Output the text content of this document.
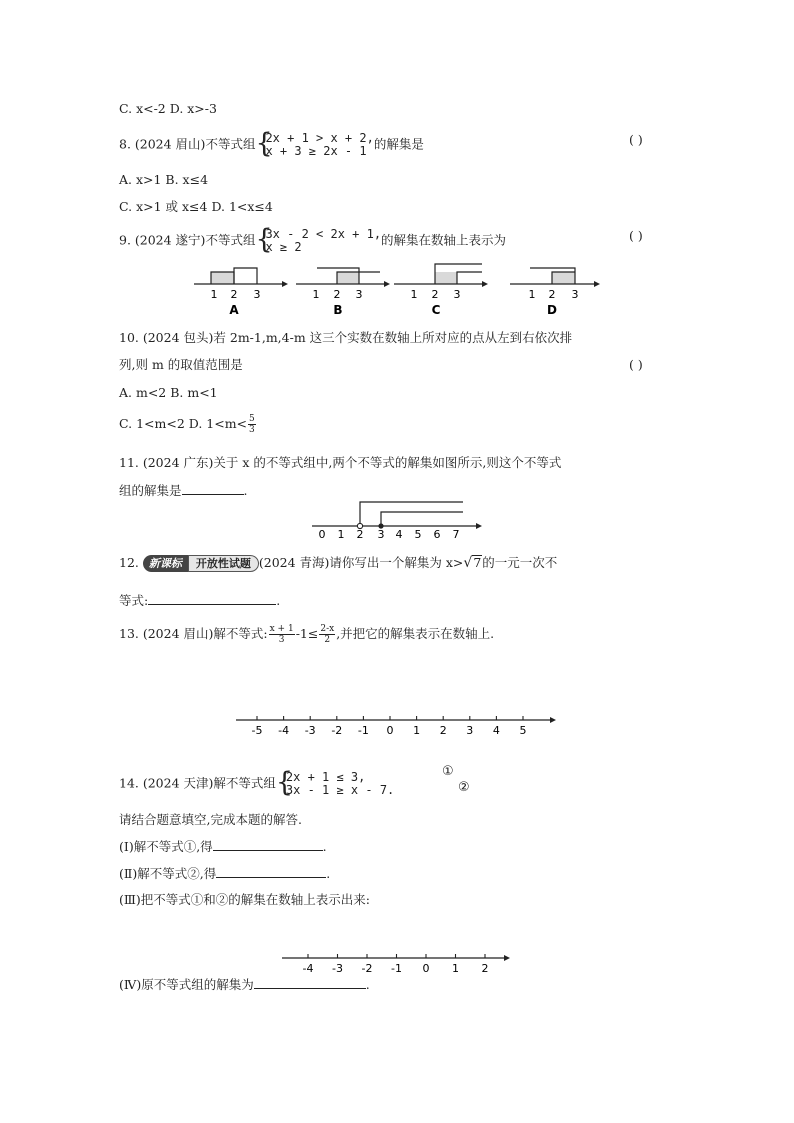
C. x<-2 D. x>-3
8. (2024 眉山)不等式组 {
2x + 1 > x + 2,
x + 3 ≥ 2x - 1 的解集是	( )
A. x>1 B. x≤4
C. x>1 或 x≤4 D. 1<x≤4
9. (2024 遂宁)不等式组 {
3x - 2 < 2x + 1,
x ≥ 2	的解集在数轴上表示为	( )
1 2 3
A
1 2 3
B
1 2 3
C
1 2 3
D
10. (2024 包头)若 2m-1,m,4-m 这三个实数在数轴上所对应的点从左到右依次排
列,则 m 的取值范围是	( )
A. m<2 B. m<1
C. 1<m<2 D. $1<m< \frac{5}{3}$
11. (2024 广东)关于 x 的不等式组中,两个不等式的解集如图所示,则这个不等式
组的解集是	.
0 1 2 3 4 5 6 7
12. 新课标	开放性试题 (2024 青海)请你写出一个解集为 x>√7的一元一次不
等式:	.
13. (2024 眉山)解不等式: $\frac{x + 1}{3} -1\le \frac{2-x}{2}$ ,并把它的解集表示在数轴上.
-5 -4 -3 -2 -1 0 1 2 3 4 5
14. (2024 天津)解不等式组 {
2x + 1 ≤ 3,
3x - 1 ≥ x - 7.
①
②
请结合题意填空,完成本题的解答.
(Ⅰ)解不等式①,得	.
(Ⅱ)解不等式②,得	.
(Ⅲ)把不等式①和②的解集在数轴上表示出来:
-4 -3 -2 -1 0 1 2
(Ⅳ)原不等式组的解集为	.
